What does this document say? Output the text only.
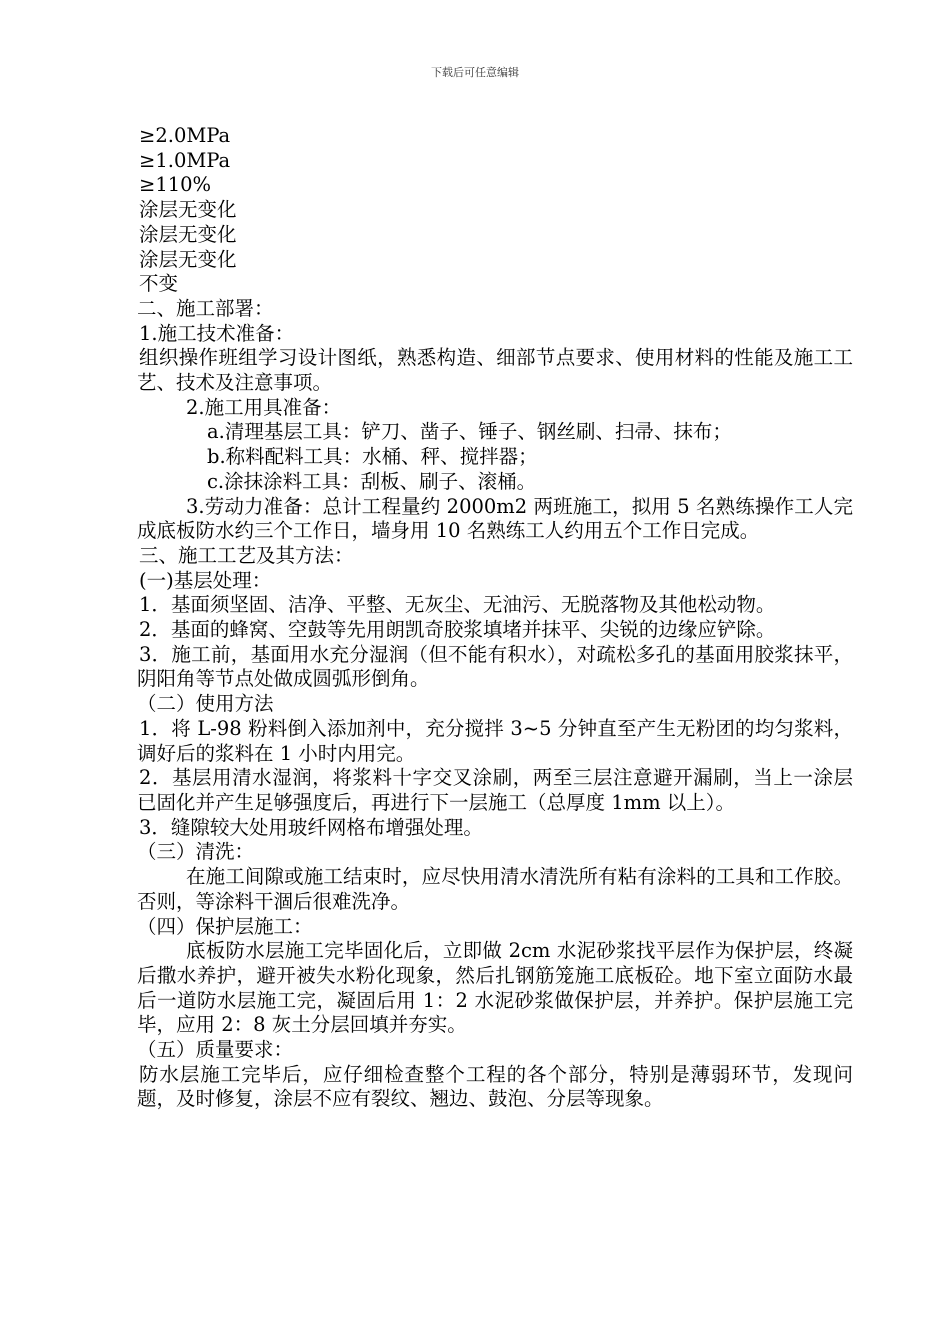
下载后可任意编辑
≥2.0MPa
≥1.0MPa
≥110%
涂层无变化
涂层无变化
涂层无变化
不变
二、施工部署：
1.施工技术准备：
组织操作班组学习设计图纸，熟悉构造、细部节点要求、使用材料的性能及施工工艺、技术及注意事项。
2.施工用具准备：
a.清理基层工具：铲刀、凿子、锤子、钢丝刷、扫帚、抹布；
b.称料配料工具：水桶、秤、搅拌器；
c.涂抹涂料工具：刮板、刷子、滚桶。
3.劳动力准备：总计工程量约 2000m2 两班施工，拟用 5 名熟练操作工人完成底板防水约三个工作日，墙身用 10 名熟练工人约用五个工作日完成。
三、施工工艺及其方法：
(一)基层处理：
1．基面须坚固、洁净、平整、无灰尘、无油污、无脱落物及其他松动物。
2．基面的蜂窝、空鼓等先用朗凯奇胶浆填堵并抹平、尖锐的边缘应铲除。
3．施工前，基面用水充分湿润（但不能有积水），对疏松多孔的基面用胶浆抹平，阴阳角等节点处做成圆弧形倒角。
（二）使用方法
1．将 L-98 粉料倒入添加剂中，充分搅拌 3~5 分钟直至产生无粉团的均匀浆料，调好后的浆料在 1 小时内用完。
2．基层用清水湿润，将浆料十字交叉涂刷，两至三层注意避开漏刷，当上一涂层已固化并产生足够强度后，再进行下一层施工（总厚度 1mm 以上）。
3．缝隙较大处用玻纤网格布增强处理。
（三）清洗：
在施工间隙或施工结束时，应尽快用清水清洗所有粘有涂料的工具和工作胶。否则，等涂料干涸后很难洗净。
（四）保护层施工：
底板防水层施工完毕固化后，立即做 2cm 水泥砂浆找平层作为保护层，终凝后撒水养护，避开被失水粉化现象，然后扎钢筋笼施工底板砼。地下室立面防水最后一道防水层施工完，凝固后用 1：2 水泥砂浆做保护层，并养护。保护层施工完毕，应用 2：8 灰土分层回填并夯实。
（五）质量要求：
防水层施工完毕后，应仔细检查整个工程的各个部分，特别是薄弱环节，发现问题，及时修复，涂层不应有裂纹、翘边、鼓泡、分层等现象。
